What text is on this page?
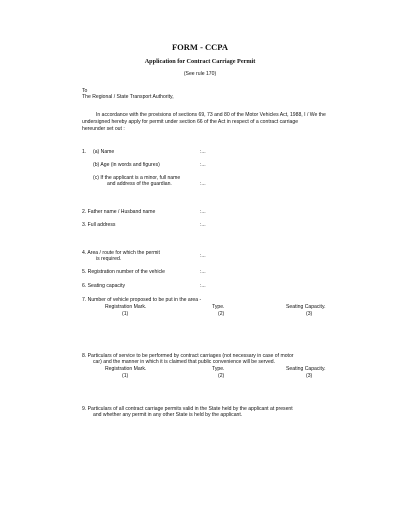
FORM - CCPA
Application for Contract Carriage Permit
(See rule 170)
To
The Regional / State Transport Authority,
In accordance with the provisions of sections 69, 73 and 80 of the Motor Vehicles Act, 1988, I / We the
undersigned hereby apply for permit under section 66 of the Act in respect of a contract carriage
hereunder set out :
1. (a) Name	:...
(b) Age (in words and figures)	:...
(c) If the applicant is a minor, full name
and address of the guardian.	:...
2. Father name / Husband name	:...
3. Full address	:...
4. Area / route for which the permit
is required.	:...
5. Registration number of the vehicle	:...
6. Seating capacity	:...
7. Number of vehicle proposed to be put in the area -
Registration Mark.	Type.	Seating Capacity.
(1)	(2)	(3)
8. Particulars of service to be performed by contract carriages (not necessary in case of motor
car) and the manner in which it is claimed that public convenience will be served.
Registration Mark.	Type.	Seating Capacity.
(1)	(2)	(3)
9. Particulars of all contract carriage permits valid in the State held by the applicant at present
and whether any permit in any other State is held by the applicant.
